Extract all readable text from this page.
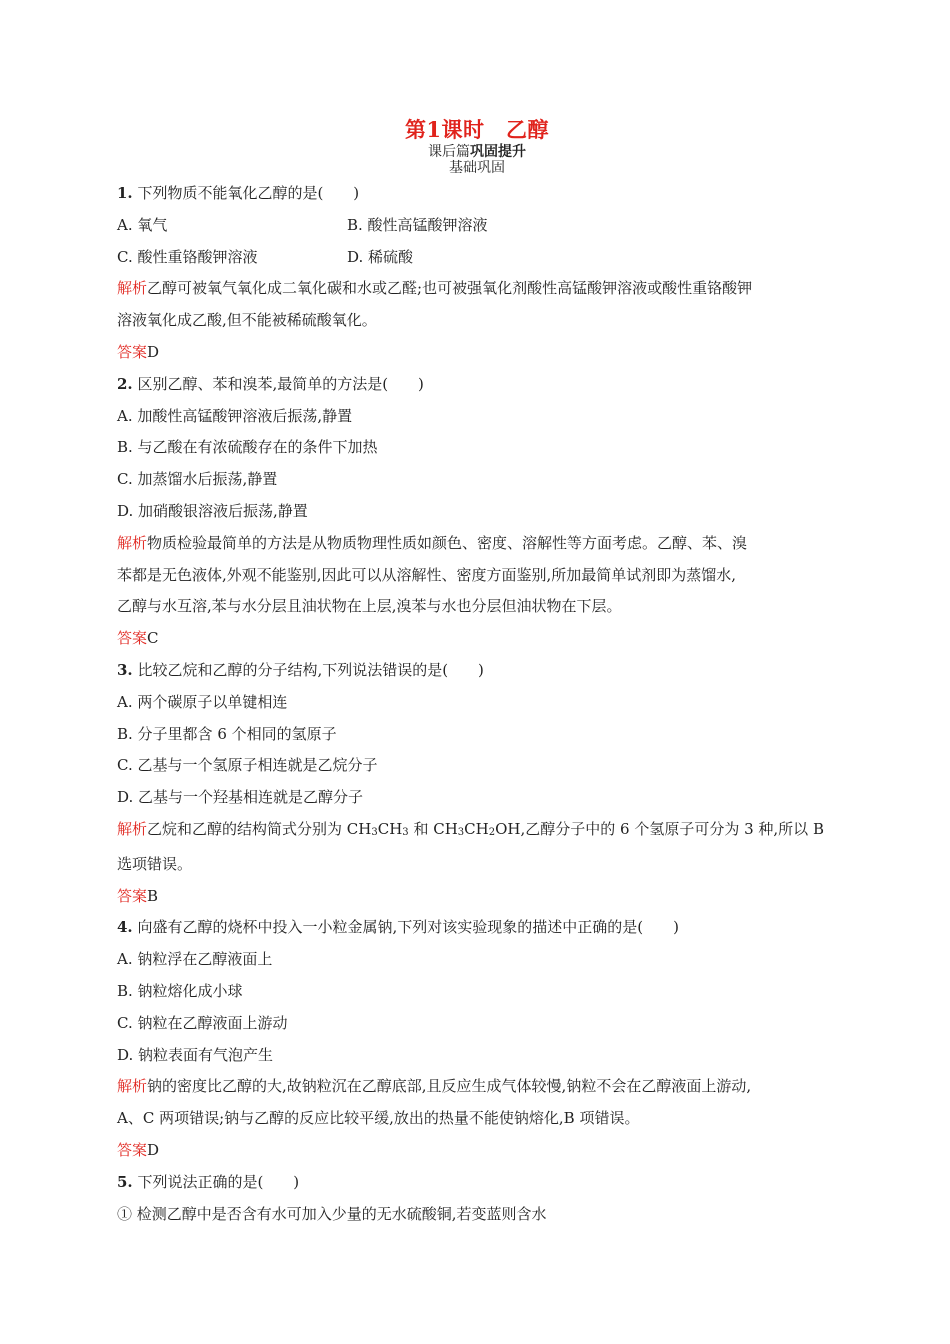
第1课时　乙醇

课后篇巩固提升

基础巩固

1. 下列物质不能氧化乙醇的是(　　)

A. 氧气	B. 酸性高锰酸钾溶液
C. 酸性重铬酸钾溶液	D. 稀硫酸

解析乙醇可被氧气氧化成二氧化碳和水或乙醛;也可被强氧化剂酸性高锰酸钾溶液或酸性重铬酸钾

溶液氧化成乙酸,但不能被稀硫酸氧化。

答案D

2. 区别乙醇、苯和溴苯,最简单的方法是(　　)

A. 加酸性高锰酸钾溶液后振荡,静置

B. 与乙酸在有浓硫酸存在的条件下加热

C. 加蒸馏水后振荡,静置

D. 加硝酸银溶液后振荡,静置

解析物质检验最简单的方法是从物质物理性质如颜色、密度、溶解性等方面考虑。乙醇、苯、溴

苯都是无色液体,外观不能鉴别,因此可以从溶解性、密度方面鉴别,所加最简单试剂即为蒸馏水,

乙醇与水互溶,苯与水分层且油状物在上层,溴苯与水也分层但油状物在下层。

答案C

3. 比较乙烷和乙醇的分子结构,下列说法错误的是(　　)

A. 两个碳原子以单键相连

B. 分子里都含 6 个相同的氢原子

C. 乙基与一个氢原子相连就是乙烷分子

D. 乙基与一个羟基相连就是乙醇分子

解析乙烷和乙醇的结构简式分别为 CH3CH3 和 CH3CH2OH,乙醇分子中的 6 个氢原子可分为 3 种,所以 B

选项错误。

答案B

4. 向盛有乙醇的烧杯中投入一小粒金属钠,下列对该实验现象的描述中正确的是(　　)

A. 钠粒浮在乙醇液面上

B. 钠粒熔化成小球

C. 钠粒在乙醇液面上游动

D. 钠粒表面有气泡产生

解析钠的密度比乙醇的大,故钠粒沉在乙醇底部,且反应生成气体较慢,钠粒不会在乙醇液面上游动,

A、C 两项错误;钠与乙醇的反应比较平缓,放出的热量不能使钠熔化,B 项错误。

答案D

5. 下列说法正确的是(　　)

① 检测乙醇中是否含有水可加入少量的无水硫酸铜,若变蓝则含水
